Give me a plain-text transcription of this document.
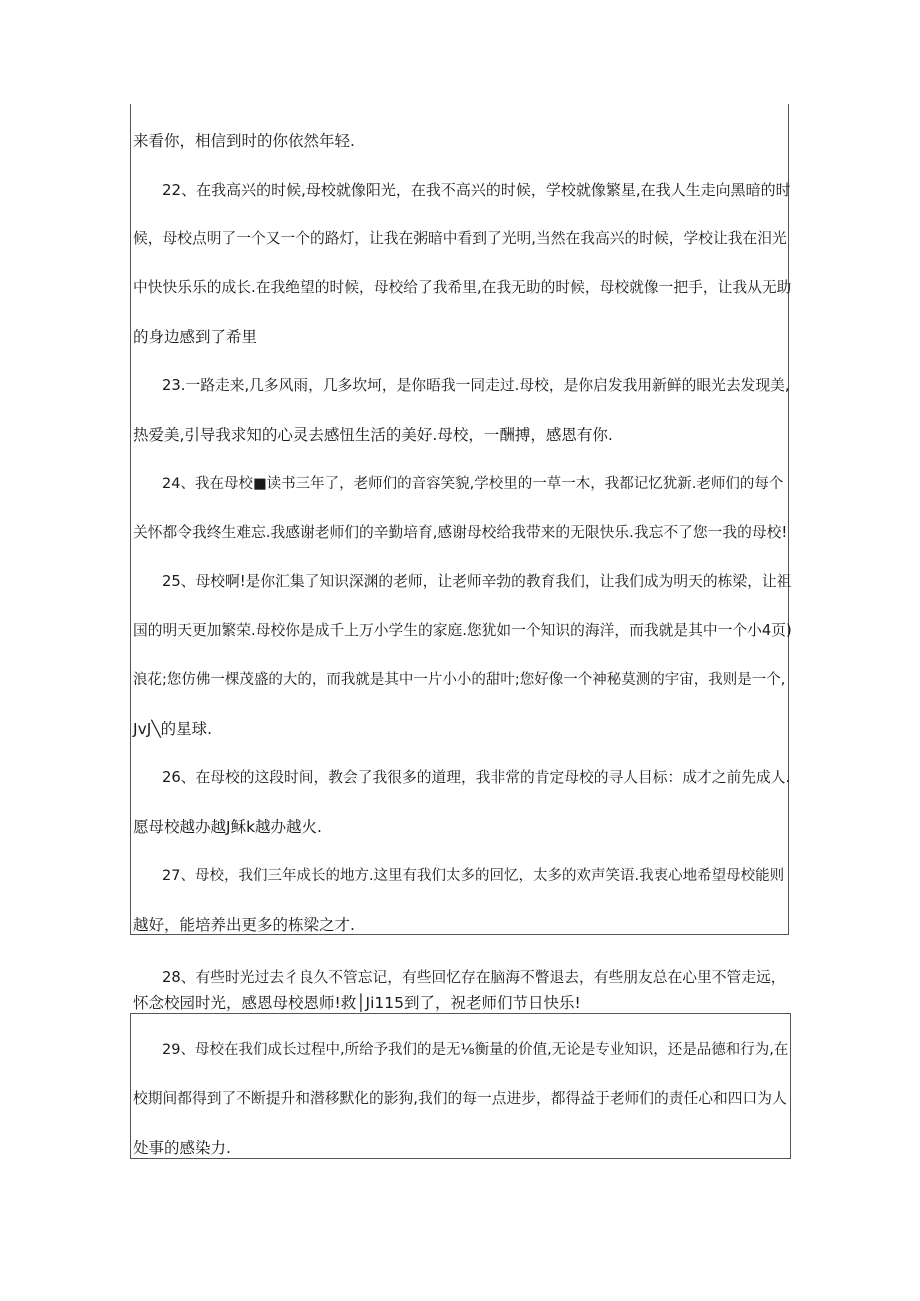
来看你，相信到时的你依然年轻.
22、在我高兴的时候,母校就像阳光，在我不高兴的时候，学校就像繁星,在我人生走向黑暗的时
候，母校点明了一个又一个的路灯，让我在粥暗中看到了光明,当然在我高兴的时候，学校让我在汨光
中快快乐乐的成长.在我绝望的时候，母校给了我希里,在我无助的时候，母校就像一把手，让我从无助
的身边感到了希里
23.一路走来,几多风雨，几多坎坷，是你晤我一同走过.母校，是你启发我用新鲜的眼光去发现美,
热爱美,引导我求知的心灵去感忸生活的美好.母校，一酬搏，感恩有你.
24、我在母校■读书三年了，老师们的音容笑貌,学校里的一草一木，我都记忆犹新.老师们的每个
关怀都令我终生难忘.我感谢老师们的辛勤培育,感谢母校给我带来的无限快乐.我忘不了您一我的母校!
25、母校啊!是你汇集了知识深渊的老师，让老师辛勃的教育我们，让我们成为明天的栋梁，让祖
国的明天更加繁荣.母校你是成千上万小学生的家庭.您犹如一个知识的海洋，而我就是其中一个小4页)
浪花;您仿佛一棵茂盛的大的，而我就是其中一片小小的甜叶;您好像一个神秘莫测的宇宙，我则是一个,
JvJ╲的星球.
26、在母校的这段时间，教会了我很多的道理，我非常的肯定母校的寻人目标：成才之前先成人.
愿母校越办越J稣k越办越火.
27、母校，我们三年成长的地方.这里有我们太多的回忆，太多的欢声笑语.我衷心地希望母校能则
越好，能培养出更多的栋梁之才.
28、有些时光过去彳良久不管忘记，有些回忆存在脑海不瞥退去，有些朋友总在心里不管走远，
怀念校园时光，感恩母校恩师!救│Ji115到了，祝老师们节日快乐!
29、母校在我们成长过程中,所给予我们的是无⅛衡量的价值,无论是专业知识，还是品德和行为,在
校期间都得到了不断提升和潜移默化的影狗,我们的每一点进步，都得益于老师们的责任心和四口为人
处事的感染力.
